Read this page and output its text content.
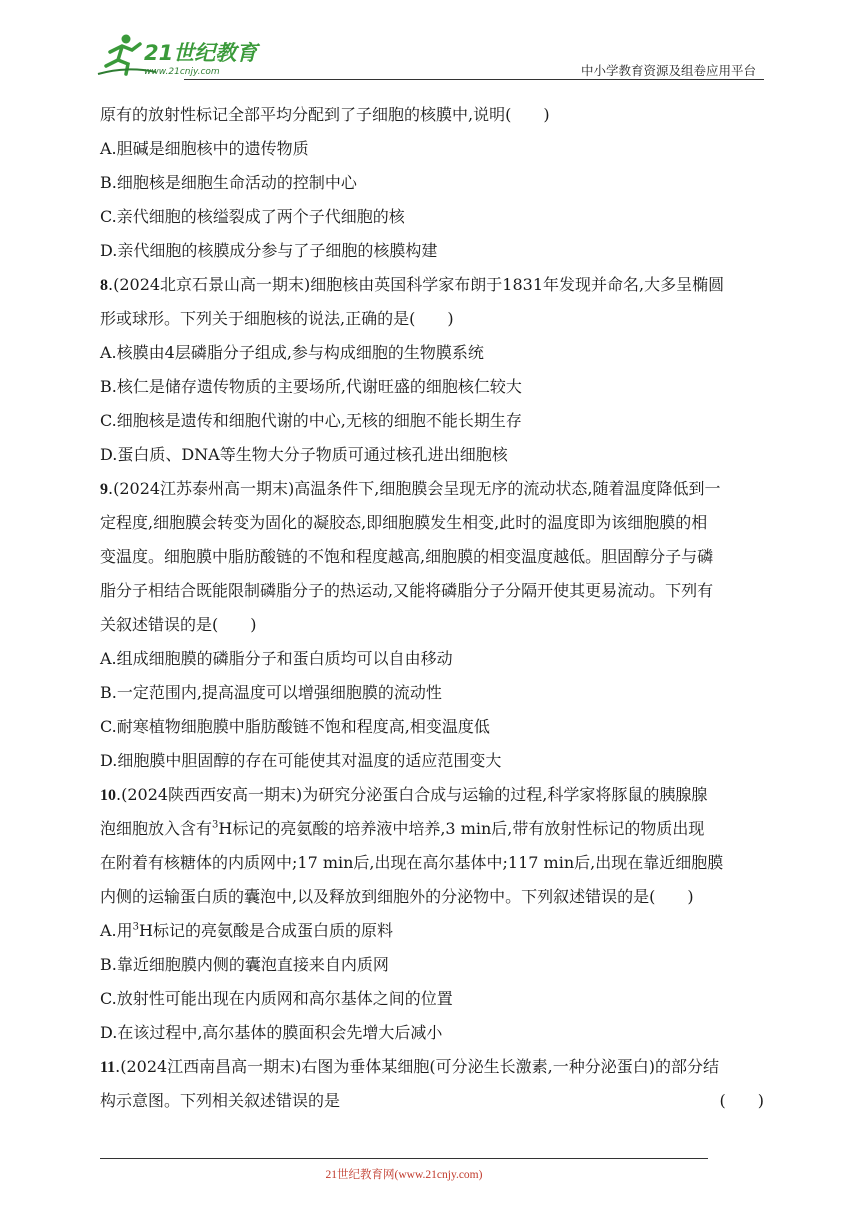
21世纪教育
www.21cnjy.com	中小学教育资源及组卷应用平台
原有的放射性标记全部平均分配到了子细胞的核膜中,说明(　　)
A.胆碱是细胞核中的遗传物质
B.细胞核是细胞生命活动的控制中心
C.亲代细胞的核缢裂成了两个子代细胞的核
D.亲代细胞的核膜成分参与了子细胞的核膜构建
8.(2024北京石景山高一期末)细胞核由英国科学家布朗于1831年发现并命名,大多呈椭圆
形或球形。下列关于细胞核的说法,正确的是(　　)
A.核膜由4层磷脂分子组成,参与构成细胞的生物膜系统
B.核仁是储存遗传物质的主要场所,代谢旺盛的细胞核仁较大
C.细胞核是遗传和细胞代谢的中心,无核的细胞不能长期生存
D.蛋白质、DNA等生物大分子物质可通过核孔进出细胞核
9.(2024江苏泰州高一期末)高温条件下,细胞膜会呈现无序的流动状态,随着温度降低到一
定程度,细胞膜会转变为固化的凝胶态,即细胞膜发生相变,此时的温度即为该细胞膜的相
变温度。细胞膜中脂肪酸链的不饱和程度越高,细胞膜的相变温度越低。胆固醇分子与磷
脂分子相结合既能限制磷脂分子的热运动,又能将磷脂分子分隔开使其更易流动。下列有
关叙述错误的是(　　)
A.组成细胞膜的磷脂分子和蛋白质均可以自由移动
B.一定范围内,提高温度可以增强细胞膜的流动性
C.耐寒植物细胞膜中脂肪酸链不饱和程度高,相变温度低
D.细胞膜中胆固醇的存在可能使其对温度的适应范围变大
10.(2024陕西西安高一期末)为研究分泌蛋白合成与运输的过程,科学家将豚鼠的胰腺腺
泡细胞放入含有$^3$H标记的亮氨酸的培养液中培养,3 min后,带有放射性标记的物质出现
在附着有核糖体的内质网中;17 min后,出现在高尔基体中;117 min后,出现在靠近细胞膜
内侧的运输蛋白质的囊泡中,以及释放到细胞外的分泌物中。下列叙述错误的是(　　)
A.用$^3$H标记的亮氨酸是合成蛋白质的原料
B.靠近细胞膜内侧的囊泡直接来自内质网
C.放射性可能出现在内质网和高尔基体之间的位置
D.在该过程中,高尔基体的膜面积会先增大后减小
11.(2024江西南昌高一期末)右图为垂体某细胞(可分泌生长激素,一种分泌蛋白)的部分结
构示意图。下列相关叙述错误的是	(　　)
21世纪教育网(www.21cnjy.com)
